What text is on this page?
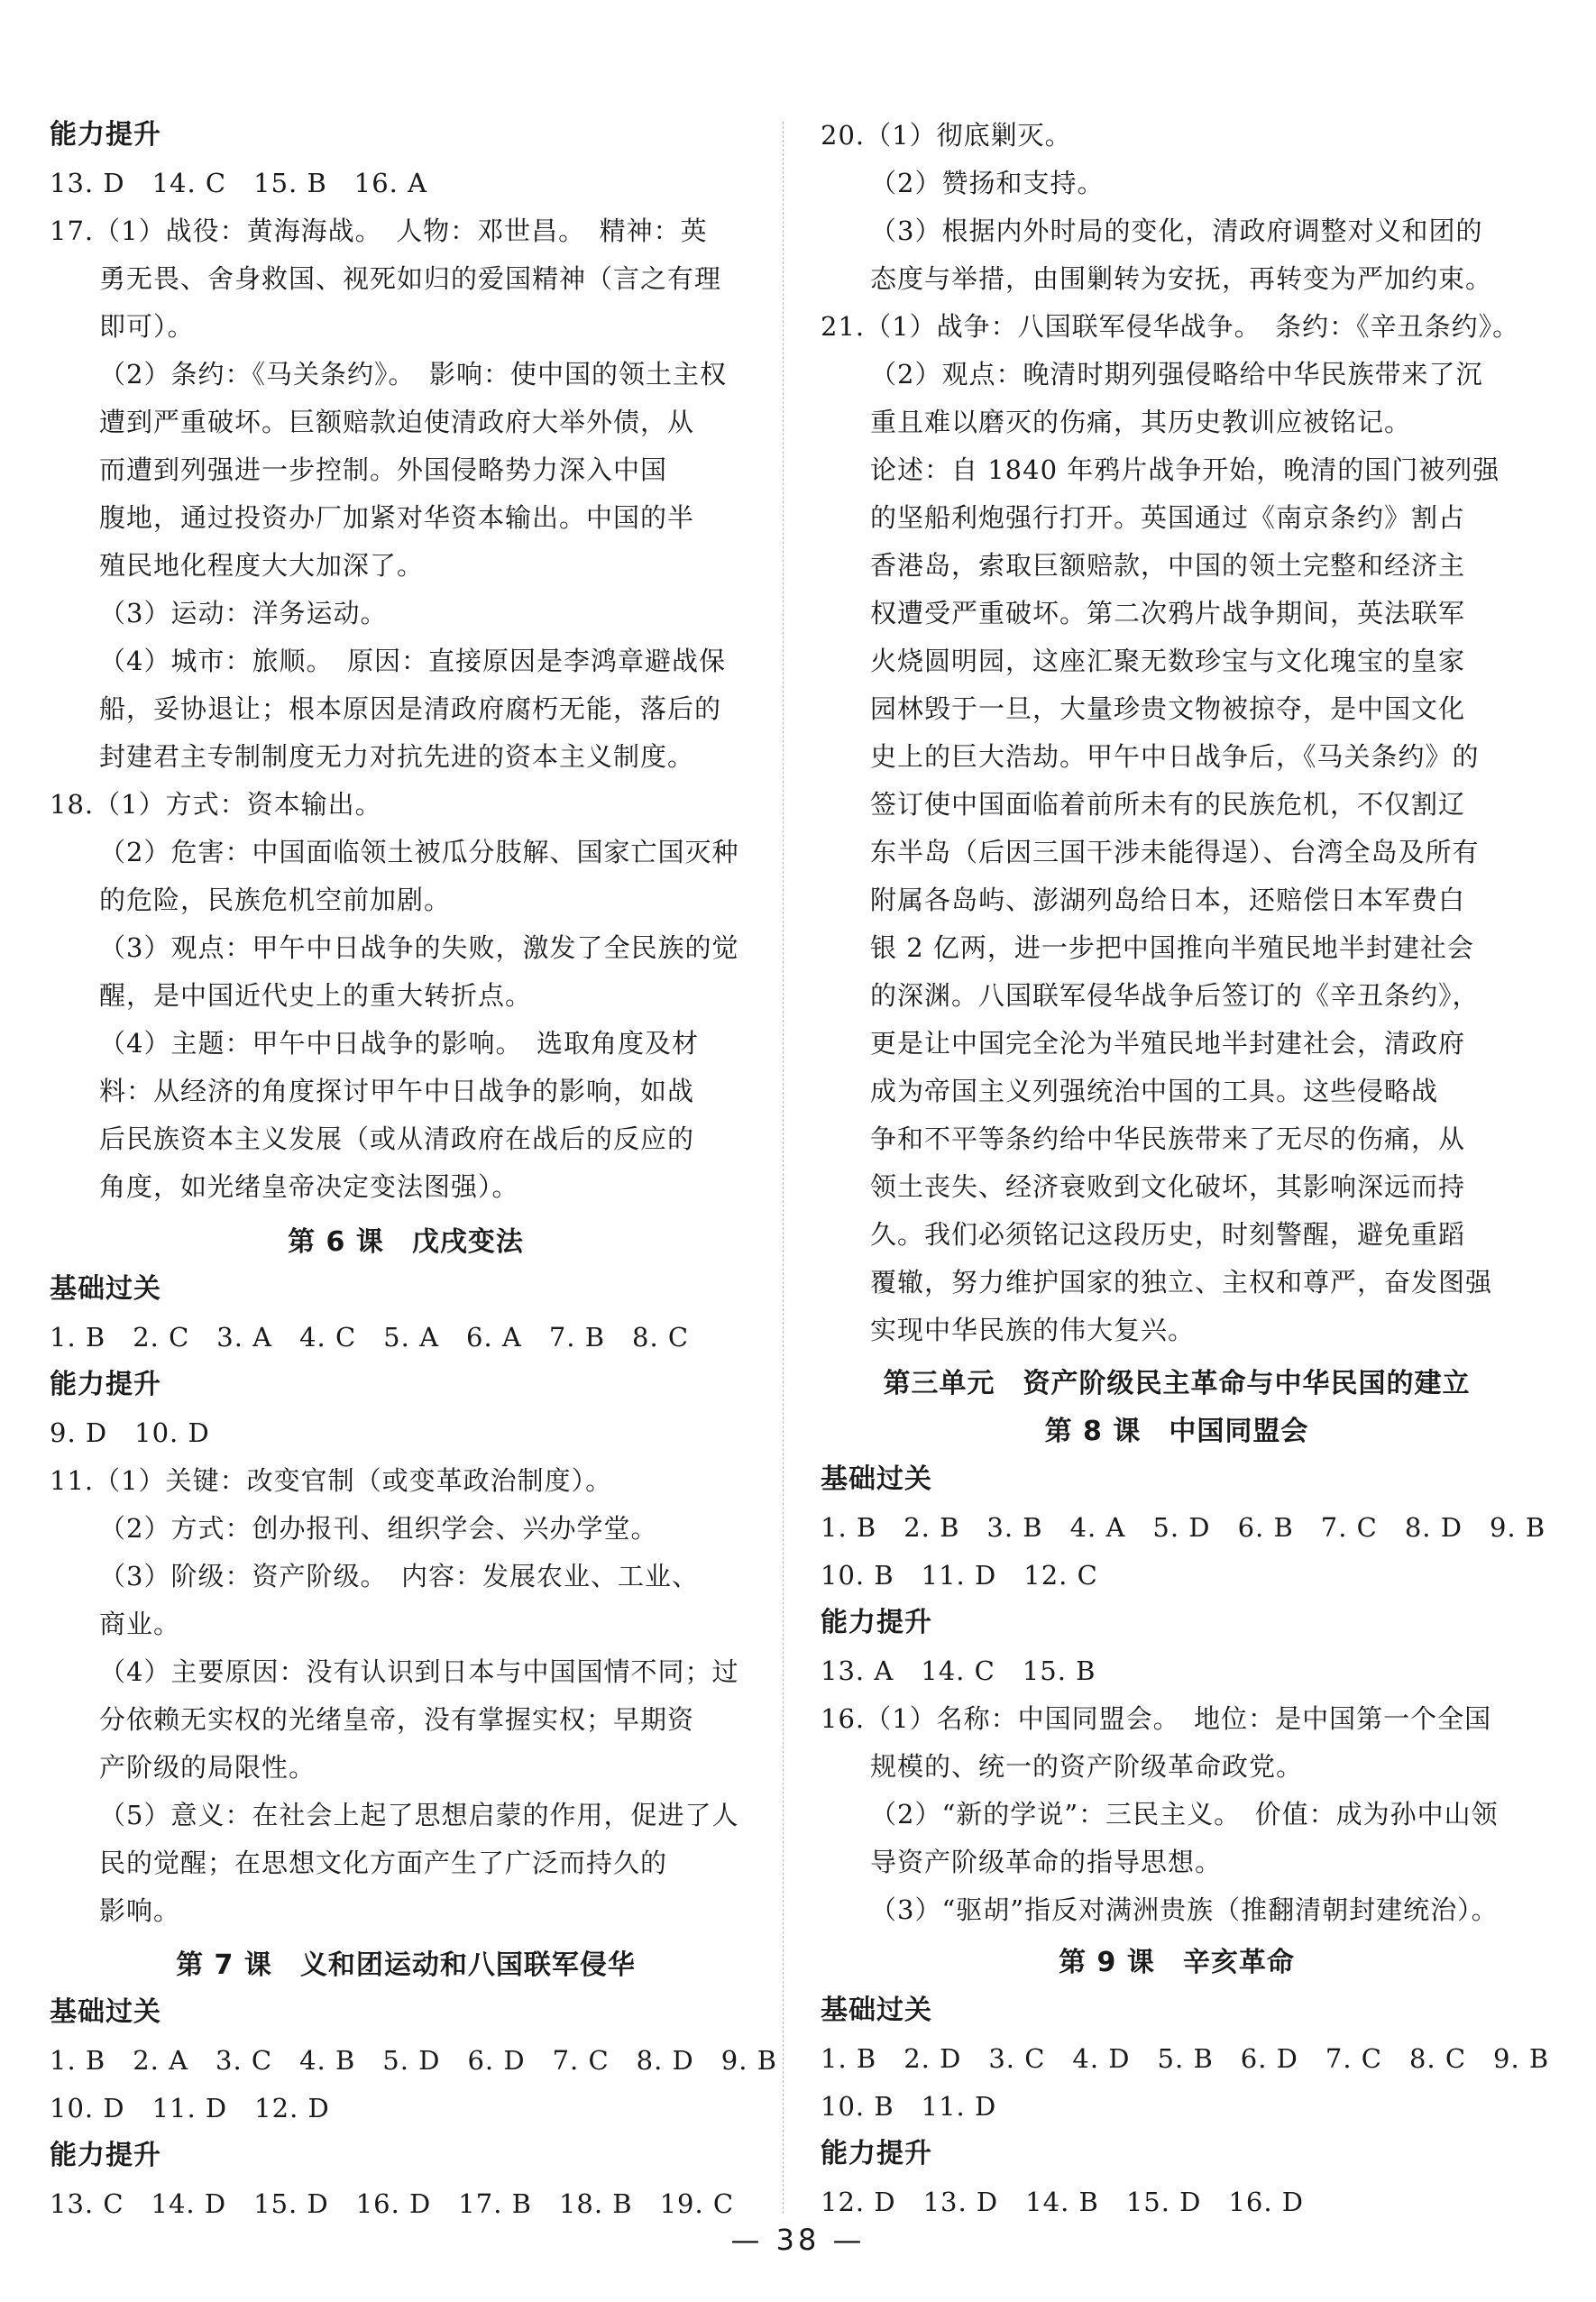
能力提升
13. D　14. C　15. B　16. A
17.（1）战役：黄海海战。　人物：邓世昌。　精神：英
勇无畏、舍身救国、视死如归的爱国精神（言之有理
即可）。
（2）条约：《马关条约》。　影响：使中国的领土主权
遭到严重破坏。巨额赔款迫使清政府大举外债，从
而遭到列强进一步控制。外国侵略势力深入中国
腹地，通过投资办厂加紧对华资本输出。中国的半
殖民地化程度大大加深了。
（3）运动：洋务运动。
（4）城市：旅顺。　原因：直接原因是李鸿章避战保
船，妥协退让；根本原因是清政府腐朽无能，落后的
封建君主专制制度无力对抗先进的资本主义制度。
18.（1）方式：资本输出。
（2）危害：中国面临领土被瓜分肢解、国家亡国灭种
的危险，民族危机空前加剧。
（3）观点：甲午中日战争的失败，激发了全民族的觉
醒，是中国近代史上的重大转折点。
（4）主题：甲午中日战争的影响。　选取角度及材
料：从经济的角度探讨甲午中日战争的影响，如战
后民族资本主义发展（或从清政府在战后的反应的
角度，如光绪皇帝决定变法图强）。
第 6 课　戊戌变法
基础过关
1. B　2. C　3. A　4. C　5. A　6. A　7. B　8. C
能力提升
9. D　10. D
11.（1）关键：改变官制（或变革政治制度）。
（2）方式：创办报刊、组织学会、兴办学堂。
（3）阶级：资产阶级。　内容：发展农业、工业、
商业。
（4）主要原因：没有认识到日本与中国国情不同；过
分依赖无实权的光绪皇帝，没有掌握实权；早期资
产阶级的局限性。
（5）意义：在社会上起了思想启蒙的作用，促进了人
民的觉醒；在思想文化方面产生了广泛而持久的
影响。
第 7 课　义和团运动和八国联军侵华
基础过关
1. B　2. A　3. C　4. B　5. D　6. D　7. C　8. D　9. B
10. D　11. D　12. D
能力提升
13. C　14. D　15. D　16. D　17. B　18. B　19. C
20.（1）彻底剿灭。
（2）赞扬和支持。
（3）根据内外时局的变化，清政府调整对义和团的
态度与举措，由围剿转为安抚，再转变为严加约束。
21.（1）战争：八国联军侵华战争。　条约：《辛丑条约》。
（2）观点：晚清时期列强侵略给中华民族带来了沉
重且难以磨灭的伤痛，其历史教训应被铭记。
论述：自 1840 年鸦片战争开始，晚清的国门被列强
的坚船利炮强行打开。英国通过《南京条约》割占
香港岛，索取巨额赔款，中国的领土完整和经济主
权遭受严重破坏。第二次鸦片战争期间，英法联军
火烧圆明园，这座汇聚无数珍宝与文化瑰宝的皇家
园林毁于一旦，大量珍贵文物被掠夺，是中国文化
史上的巨大浩劫。甲午中日战争后，《马关条约》的
签订使中国面临着前所未有的民族危机，不仅割辽
东半岛（后因三国干涉未能得逞）、台湾全岛及所有
附属各岛屿、澎湖列岛给日本，还赔偿日本军费白
银 2 亿两，进一步把中国推向半殖民地半封建社会
的深渊。八国联军侵华战争后签订的《辛丑条约》，
更是让中国完全沦为半殖民地半封建社会，清政府
成为帝国主义列强统治中国的工具。这些侵略战
争和不平等条约给中华民族带来了无尽的伤痛，从
领土丧失、经济衰败到文化破坏，其影响深远而持
久。我们必须铭记这段历史，时刻警醒，避免重蹈
覆辙，努力维护国家的独立、主权和尊严，奋发图强
实现中华民族的伟大复兴。
第三单元　资产阶级民主革命与中华民国的建立
第 8 课　中国同盟会
基础过关
1. B　2. B　3. B　4. A　5. D　6. B　7. C　8. D　9. B
10. B　11. D　12. C
能力提升
13. A　14. C　15. B
16.（1）名称：中国同盟会。　地位：是中国第一个全国
规模的、统一的资产阶级革命政党。
（2）“新的学说”：三民主义。　价值：成为孙中山领
导资产阶级革命的指导思想。
（3）“驱胡”指反对满洲贵族（推翻清朝封建统治）。
第 9 课　辛亥革命
基础过关
1. B　2. D　3. C　4. D　5. B　6. D　7. C　8. C　9. B
10. B　11. D
能力提升
12. D　13. D　14. B　15. D　16. D
— 38 —
